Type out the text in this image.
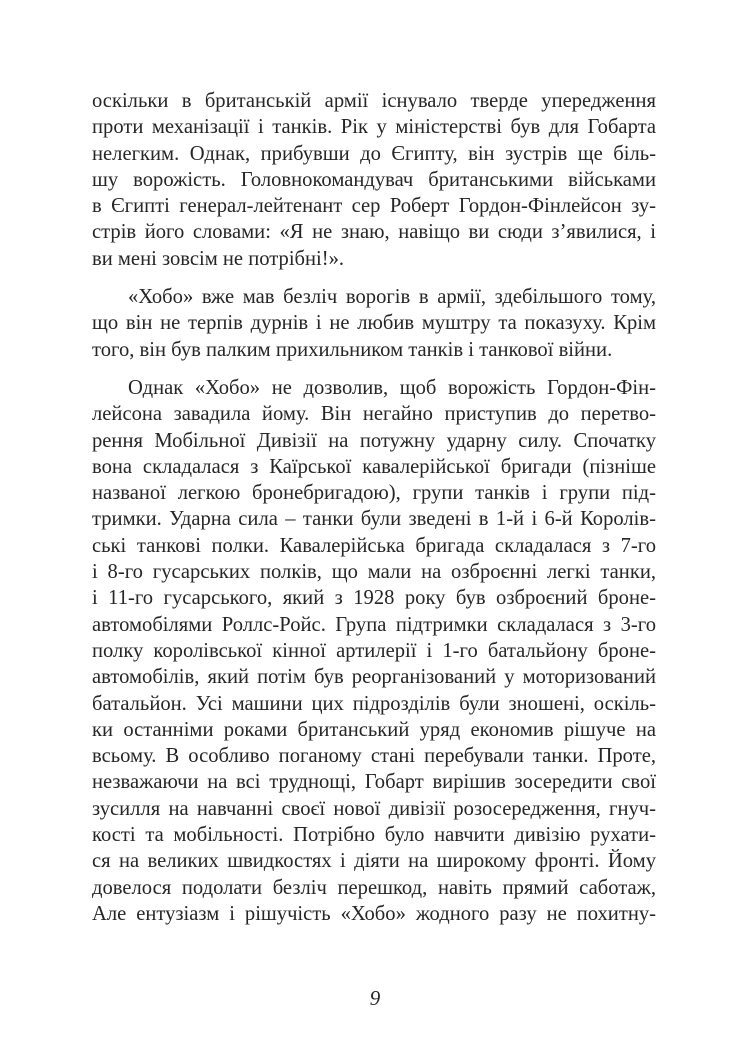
оскільки в британській армії існувало тверде упередження
проти механізації і танків. Рік у міністерстві був для Гобарта
нелегким. Однак, прибувши до Єгипту, він зустрів ще біль-
шу ворожість. Головнокомандувач британськими військами
в Єгипті генерал-лейтенант сер Роберт Гордон-Фінлейсон зу-
стрів його словами: «Я не знаю, навіщо ви сюди з’явилися, і
ви мені зовсім не потрібні!».
«Хобо» вже мав безліч ворогів в армії, здебільшого тому,
що він не терпів дурнів і не любив муштру та показуху. Крім
того, він був палким прихильником танків і танкової війни.
Однак «Хобо» не дозволив, щоб ворожість Гордон-Фін-
лейсона завадила йому. Він негайно приступив до перетво-
рення Мобільної Дивізії на потужну ударну силу. Спочатку
вона складалася з Каїрської кавалерійської бригади (пізніше
названої легкою бронебригадою), групи танків і групи під-
тримки. Ударна сила – танки були зведені в 1-й і 6-й Королів-
ські танкові полки. Кавалерійська бригада складалася з 7-го
і 8-го гусарських полків, що мали на озброєнні легкі танки,
і 11-го гусарського, який з 1928 року був озброєний броне-
автомобілями Роллс-Ройс. Група підтримки складалася з 3-го
полку королівської кінної артилерії і 1-го батальйону броне-
автомобілів, який потім був реорганізований у моторизований
батальйон. Усі машини цих підрозділів були зношені, оскіль-
ки останніми роками британський уряд економив рішуче на
всьому. В особливо поганому стані перебували танки. Проте,
незважаючи на всі труднощі, Гобарт вирішив зосередити свої
зусилля на навчанні своєї нової дивізії розосередження, гнуч-
кості та мобільності. Потрібно було навчити дивізію рухати-
ся на великих швидкостях і діяти на широкому фронті. Йому
довелося подолати безліч перешкод, навіть прямий саботаж,
Але ентузіазм і рішучість «Хобо» жодного разу не похитну-
9
